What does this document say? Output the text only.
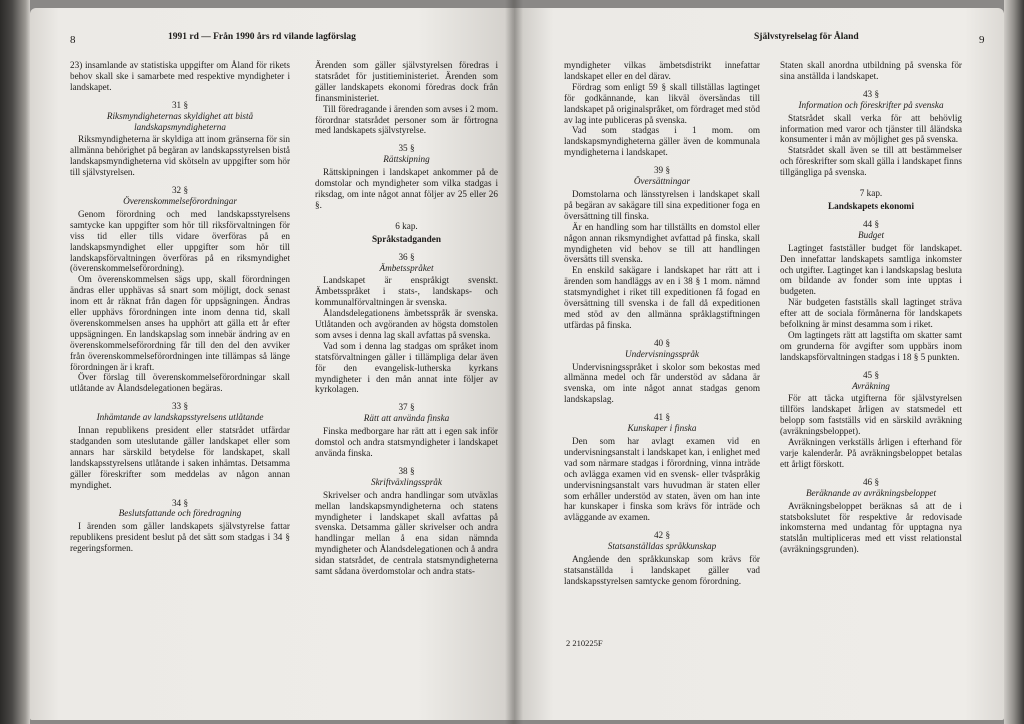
8	1991 rd — Från 1990 års rd vilande lagförslag

23) insamlande av statistiska uppgifter om Åland för rikets behov skall ske i samarbete med respektive myndigheter i landskapet.

31 §
Riksmyndigheternas skyldighet att bistå landskapsmyndigheterna

Riksmyndigheterna är skyldiga att inom gränserna för sin allmänna behörighet på begäran av landskapsstyrelsen bistå landskapsmyndigheterna vid skötseln av uppgifter som hör till självstyrelsen.

32 §
Överenskommelseförordningar

Genom förordning och med landskapsstyrelsens samtycke kan uppgifter som hör till riksförvaltningen för viss tid eller tills vidare överföras på en landskapsmyndighet eller uppgifter som hör till landskapsförvaltningen överföras på en riksmyndighet (överenskommelseförordning).

Om överenskommelsen sägs upp, skall förordningen ändras eller upphävas så snart som möjligt, dock senast inom ett år räknat från dagen för uppsägningen. Ändras eller upphävs förordningen inte inom denna tid, skall överenskommelsen anses ha upphört att gälla ett år efter uppsägningen. En landskapslag som innebär ändring av en överenskommelseförordning får till den del den avviker från överenskommelseförordningen inte tillämpas så länge förordningen är i kraft.

Över förslag till överenskommelseförordningar skall utlåtande av Ålandsdelegationen begäras.

33 §
Inhämtande av landskapsstyrelsens utlåtande

Innan republikens president eller statsrådet utfärdar stadganden som uteslutande gäller landskapet eller som annars har särskild betydelse för landskapet, skall landskapsstyrelsens utlåtande i saken inhämtas. Detsamma gäller föreskrifter som meddelas av någon annan myndighet.

34 §
Beslutsfattande och föredragning

I ärenden som gäller landskapets självstyrelse fattar republikens president beslut på det sätt som stadgas i 34 § regeringsformen.

Ärenden som gäller självstyrelsen föredras i statsrådet för justitieministeriet. Ärenden som gäller landskapets ekonomi föredras dock från finansministeriet.

Till föredragande i ärenden som avses i 2 mom. förordnar statsrådet personer som är förtrogna med landskapets självstyrelse.

35 §
Rättskipning

Rättskipningen i landskapet ankommer på de domstolar och myndigheter som vilka stadgas i riksdag, om inte något annat följer av 25 eller 26 §.

6 kap.
Språkstadganden
36 §
Ämbetsspråket

Landskapet är enspråkigt svenskt. Ämbetsspråket i stats-, landskaps- och kommunalförvaltningen är svenska.

Ålandsdelegationens ämbetsspråk är svenska. Utlåtanden och avgöranden av högsta domstolen som avses i denna lag skall avfattas på svenska.

Vad som i denna lag stadgas om språket inom statsförvaltningen gäller i tillämpliga delar även för den evangelisk-lutherska kyrkans myndigheter i den mån annat inte följer av kyrkolagen.

37 §
Rätt att använda finska

Finska medborgare har rätt att i egen sak inför domstol och andra statsmyndigheter i landskapet använda finska.

38 §
Skriftväxlingsspråk

Skrivelser och andra handlingar som utväxlas mellan landskapsmyndigheterna och statens myndigheter i landskapet skall avfattas på svenska. Detsamma gäller skrivelser och andra handlingar mellan å ena sidan nämnda myndigheter och Ålandsdelegationen och å andra sidan statsrådet, de centrala statsmyndigheterna samt sådana överdomstolar och andra stats-

Självstyrelselag för Åland	9

myndigheter vilkas ämbetsdistrikt innefattar landskapet eller en del därav.

Fördrag som enligt 59 § skall tillställas lagtinget för godkännande, kan likväl översändas till landskapet på originalspråket, om fördraget med stöd av lag inte publiceras på svenska.

Vad som stadgas i 1 mom. om landskapsmyndigheterna gäller även de kommunala myndigheterna i landskapet.

39 §
Översättningar

Domstolarna och länsstyrelsen i landskapet skall på begäran av sakägare till sina expeditioner foga en översättning till finska.

Är en handling som har tillställts en domstol eller någon annan riksmyndighet avfattad på finska, skall myndigheten vid behov se till att handlingen översätts till svenska.

En enskild sakägare i landskapet har rätt att i ärenden som handläggs av en i 38 § 1 mom. nämnd statsmyndighet i riket till expeditionen få fogad en översättning till svenska i de fall då expeditionen med stöd av den allmänna språklagstiftningen utfärdas på finska.

40 §
Undervisningsspråk

Undervisningsspråket i skolor som bekostas med allmänna medel och får understöd av sådana är svenska, om inte något annat stadgas genom landskapslag.

41 §
Kunskaper i finska

Den som har avlagt examen vid en undervisningsanstalt i landskapet kan, i enlighet med vad som närmare stadgas i förordning, vinna inträde och avlägga examen vid en svensk- eller tvåspråkig undervisningsanstalt vars huvudman är staten eller som erhåller understöd av staten, även om han inte har kunskaper i finska som krävs för inträde och avläggande av examen.

42 §
Statsanställdas språkkunskap

Angående den språkkunskap som krävs för statsanställda i landskapet gäller vad landskapsstyrelsen samtycke genom förordning.

Staten skall anordna utbildning på svenska för sina anställda i landskapet.

43 §
Information och föreskrifter på svenska

Statsrådet skall verka för att behövlig information med varor och tjänster till åländska konsumenter i mån av möjlighet ges på svenska.

Statsrådet skall även se till att bestämmelser och föreskrifter som skall gälla i landskapet finns tillgängliga på svenska.

7 kap.
Landskapets ekonomi
44 §
Budget

Lagtinget fastställer budget för landskapet. Den innefattar landskapets samtliga inkomster och utgifter. Lagtinget kan i landskapslag besluta om bildande av fonder som inte upptas i budgeten.

När budgeten fastställs skall lagtinget sträva efter att de sociala förmånerna för landskapets befolkning är minst desamma som i riket.

Om lagtingets rätt att lagstifta om skatter samt om grunderna för avgifter som uppbärs inom landskapsförvaltningen stadgas i 18 § 5 punkten.

45 §
Avräkning

För att täcka utgifterna för självstyrelsen tillförs landskapet årligen av statsmedel ett belopp som fastställs vid en särskild avräkning (avräkningsbeloppet).

Avräkningen verkställs årligen i efterhand för varje kalenderår. På avräkningsbeloppet betalas ett årligt förskott.

46 §
Beräknande av avräkningsbeloppet

Avräkningsbeloppet beräknas så att de i statsbokslutet för respektive år redovisade inkomsterna med undantag för upptagna nya statslån multipliceras med ett visst relationstal (avräkningsgrunden).

2 210225F
